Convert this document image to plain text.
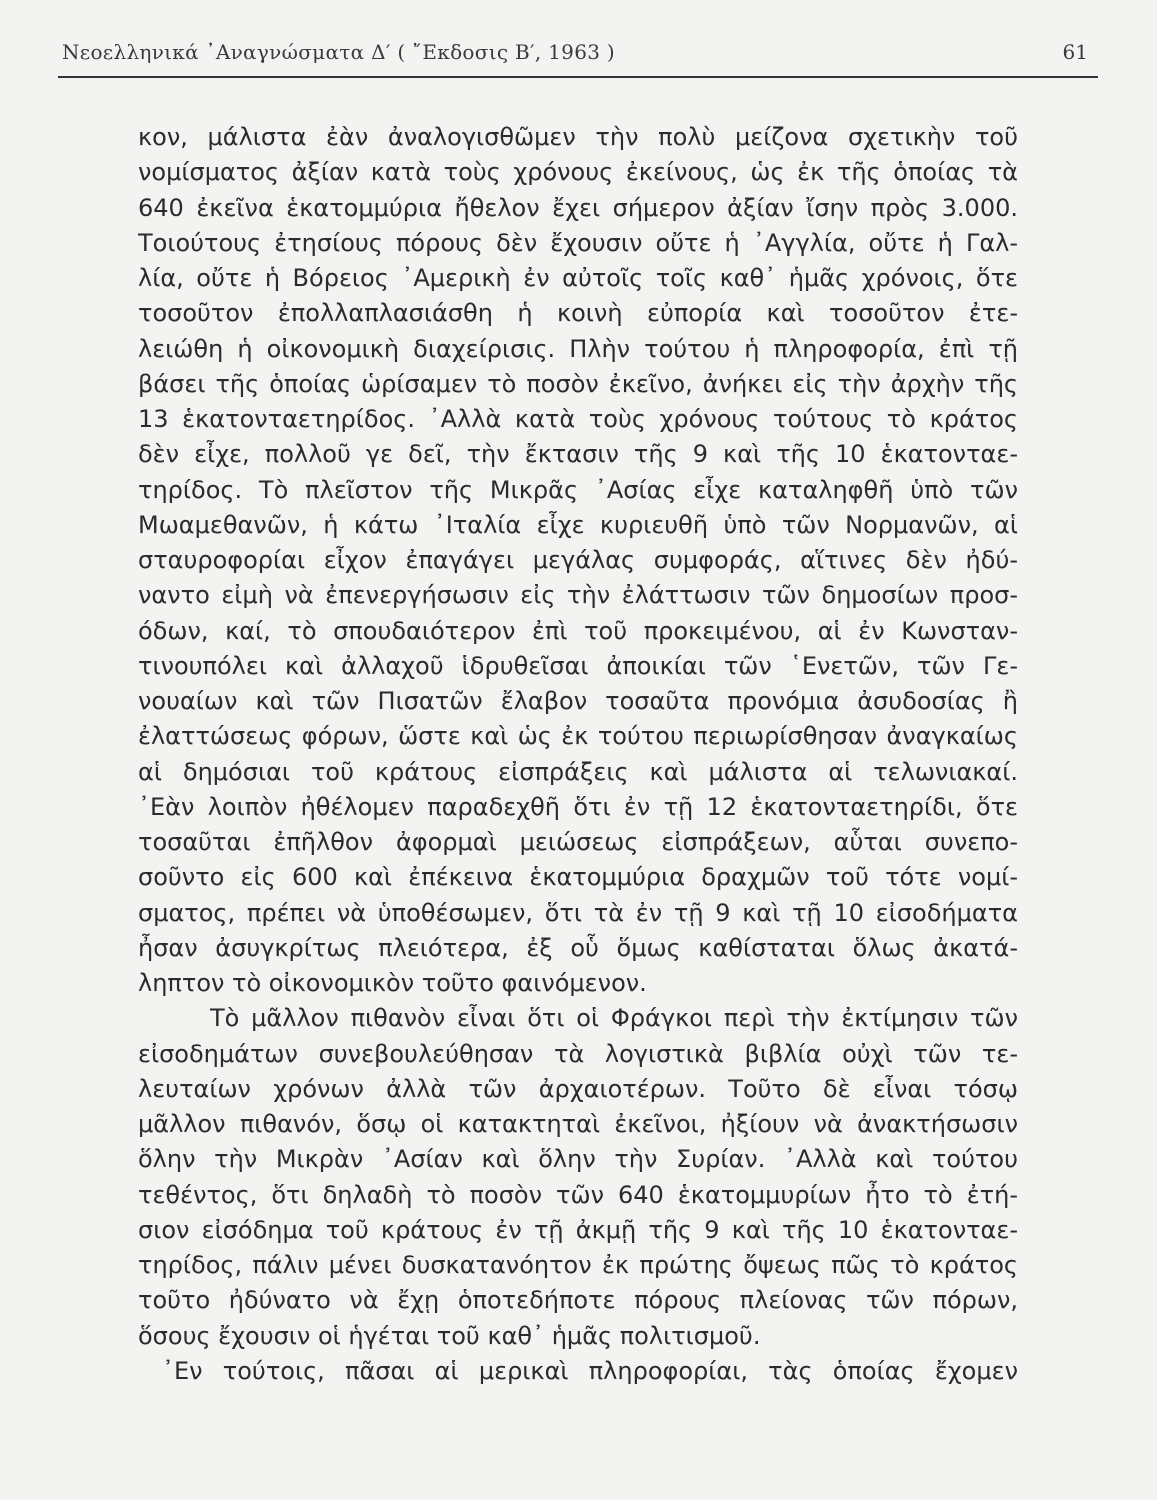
Νεοελληνικά ᾿Αναγνώσματα Δ′ ( ῎Εκδοσις Β′, 1963 )	61
κον, μάλιστα ἐὰν ἀναλογισθῶμεν τὴν πολὺ μείζονα σχετικὴν τοῦ
νομίσματος ἀξίαν κατὰ τοὺς χρόνους ἐκείνους, ὡς ἐκ τῆς ὁποίας τὰ
640 ἐκεῖνα ἑκατομμύρια ἤθελον ἔχει σήμερον ἀξίαν ἴσην πρὸς 3.000.
Τοιούτους ἐτησίους πόρους δὲν ἔχουσιν οὔτε ἡ ᾿Αγγλία, οὔτε ἡ Γαλ-
λία, οὔτε ἡ Βόρειος ᾿Αμερικὴ ἐν αὐτοῖς τοῖς καθ᾿ ἡμᾶς χρόνοις, ὅτε
τοσοῦτον ἐπολλαπλασιάσθη ἡ κοινὴ εὐπορία καὶ τοσοῦτον ἐτε-
λειώθη ἡ οἰκονομικὴ διαχείρισις. Πλὴν τούτου ἡ πληροφορία, ἐπὶ τῇ
βάσει τῆς ὁποίας ὡρίσαμεν τὸ ποσὸν ἐκεῖνο, ἀνήκει εἰς τὴν ἀρχὴν τῆς
13 ἑκατονταετηρίδος. ᾿Αλλὰ κατὰ τοὺς χρόνους τούτους τὸ κράτος
δὲν εἶχε, πολλοῦ γε δεῖ, τὴν ἔκτασιν τῆς 9 καὶ τῆς 10 ἑκατονταε-
τηρίδος. Τὸ πλεῖστον τῆς Μικρᾶς ᾿Ασίας εἶχε καταληφθῆ ὑπὸ τῶν
Μωαμεθανῶν, ἡ κάτω ᾿Ιταλία εἶχε κυριευθῆ ὑπὸ τῶν Νορμανῶν, αἱ
σταυροφορίαι εἶχον ἐπαγάγει μεγάλας συμφοράς, αἵτινες δὲν ἠδύ-
ναντο εἰμὴ νὰ ἐπενεργήσωσιν εἰς τὴν ἐλάττωσιν τῶν δημοσίων προσ-
όδων, καί, τὸ σπουδαιότερον ἐπὶ τοῦ προκειμένου, αἱ ἐν Κωνσταν-
τινουπόλει καὶ ἀλλαχοῦ ἱδρυθεῖσαι ἀποικίαι τῶν ῾Ενετῶν, τῶν Γε-
νουαίων καὶ τῶν Πισατῶν ἔλαβον τοσαῦτα προνόμια ἀσυδοσίας ἢ
ἐλαττώσεως φόρων, ὥστε καὶ ὡς ἐκ τούτου περιωρίσθησαν ἀναγκαίως
αἱ δημόσιαι τοῦ κράτους εἰσπράξεις καὶ μάλιστα αἱ τελωνιακαί.
᾿Εὰν λοιπὸν ἠθέλομεν παραδεχθῆ ὅτι ἐν τῇ 12 ἑκατονταετηρίδι, ὅτε
τοσαῦται ἐπῆλθον ἀφορμαὶ μειώσεως εἰσπράξεων, αὗται συνεπο-
σοῦντο εἰς 600 καὶ ἐπέκεινα ἑκατομμύρια δραχμῶν τοῦ τότε νομί-
σματος, πρέπει νὰ ὑποθέσωμεν, ὅτι τὰ ἐν τῇ 9 καὶ τῇ 10 εἰσοδήματα
ἦσαν ἀσυγκρίτως πλειότερα, ἐξ οὗ ὅμως καθίσταται ὅλως ἀκατά-
ληπτον τὸ οἰκονομικὸν τοῦτο φαινόμενον.
Τὸ μᾶλλον πιθανὸν εἶναι ὅτι οἱ Φράγκοι περὶ τὴν ἐκτίμησιν τῶν
εἰσοδημάτων συνεβουλεύθησαν τὰ λογιστικὰ βιβλία οὐχὶ τῶν τε-
λευταίων χρόνων ἀλλὰ τῶν ἀρχαιοτέρων. Τοῦτο δὲ εἶναι τόσῳ
μᾶλλον πιθανόν, ὅσῳ οἱ κατακτηταὶ ἐκεῖνοι, ἠξίουν νὰ ἀνακτήσωσιν
ὅλην τὴν Μικρὰν ᾿Ασίαν καὶ ὅλην τὴν Συρίαν. ᾿Αλλὰ καὶ τούτου
τεθέντος, ὅτι δηλαδὴ τὸ ποσὸν τῶν 640 ἑκατομμυρίων ἦτο τὸ ἐτή-
σιον εἰσόδημα τοῦ κράτους ἐν τῇ ἀκμῇ τῆς 9 καὶ τῆς 10 ἑκατονταε-
τηρίδος, πάλιν μένει δυσκατανόητον ἐκ πρώτης ὄψεως πῶς τὸ κράτος
τοῦτο ἠδύνατο νὰ ἔχῃ ὁποτεδήποτε πόρους πλείονας τῶν πόρων,
ὅσους ἔχουσιν οἱ ἡγέται τοῦ καθ᾿ ἡμᾶς πολιτισμοῦ.
᾿Εν τούτοις, πᾶσαι αἱ μερικαὶ πληροφορίαι, τὰς ὁποίας ἔχομεν
